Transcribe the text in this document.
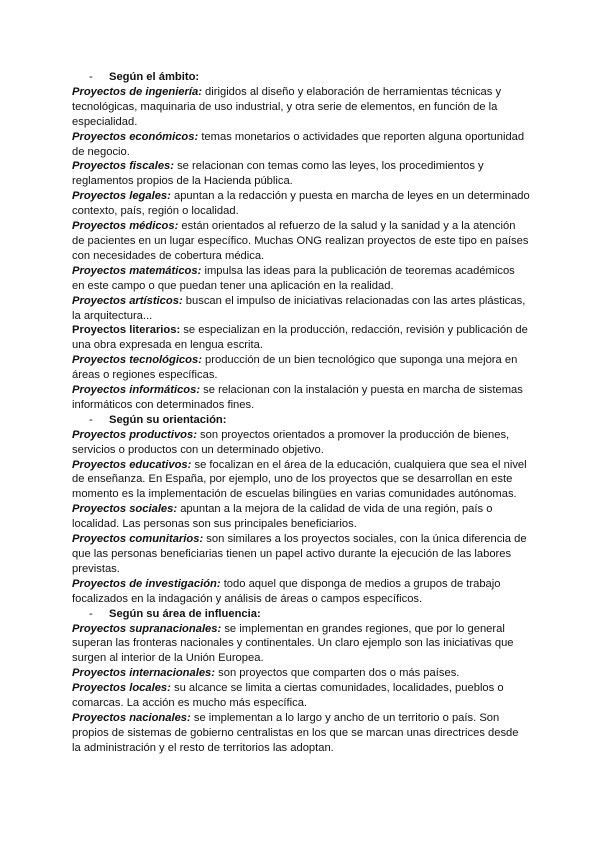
- Según el ámbito:

Proyectos de ingeniería: dirigidos al diseño y elaboración de herramientas técnicas y tecnológicas, maquinaria de uso industrial, y otra serie de elementos, en función de la especialidad.

Proyectos económicos: temas monetarios o actividades que reporten alguna oportunidad de negocio.

Proyectos fiscales: se relacionan con temas como las leyes, los procedimientos y reglamentos propios de la Hacienda pública.

Proyectos legales: apuntan a la redacción y puesta en marcha de leyes en un determinado contexto, país, región o localidad.

Proyectos médicos: están orientados al refuerzo de la salud y la sanidad y a la atención de pacientes en un lugar específico. Muchas ONG realizan proyectos de este tipo en países con necesidades de cobertura médica.

Proyectos matemáticos: impulsa las ideas para la publicación de teoremas académicos en este campo o que puedan tener una aplicación en la realidad.

Proyectos artísticos: buscan el impulso de iniciativas relacionadas con las artes plásticas, la arquitectura...

Proyectos literarios: se especializan en la producción, redacción, revisión y publicación de una obra expresada en lengua escrita.

Proyectos tecnológicos: producción de un bien tecnológico que suponga una mejora en áreas o regiones específicas.

Proyectos informáticos: se relacionan con la instalación y puesta en marcha de sistemas informáticos con determinados fines.

- Según su orientación:

Proyectos productivos: son proyectos orientados a promover la producción de bienes, servicios o productos con un determinado objetivo.

Proyectos educativos: se focalizan en el área de la educación, cualquiera que sea el nivel de enseñanza. En España, por ejemplo, uno de los proyectos que se desarrollan en este momento es la implementación de escuelas bilingües en varias comunidades autónomas.

Proyectos sociales: apuntan a la mejora de la calidad de vida de una región, país o localidad. Las personas son sus principales beneficiarios.

Proyectos comunitarios: son similares a los proyectos sociales, con la única diferencia de que las personas beneficiarias tienen un papel activo durante la ejecución de las labores previstas.

Proyectos de investigación: todo aquel que disponga de medios a grupos de trabajo focalizados en la indagación y análisis de áreas o campos específicos.

- Según su área de influencia:

Proyectos supranacionales: se implementan en grandes regiones, que por lo general superan las fronteras nacionales y continentales. Un claro ejemplo son las iniciativas que surgen al interior de la Unión Europea.

Proyectos internacionales: son proyectos que comparten dos o más países.

Proyectos locales: su alcance se limita a ciertas comunidades, localidades, pueblos o comarcas. La acción es mucho más específica.

Proyectos nacionales: se implementan a lo largo y ancho de un territorio o país. Son propios de sistemas de gobierno centralistas en los que se marcan unas directrices desde la administración y el resto de territorios las adoptan.
